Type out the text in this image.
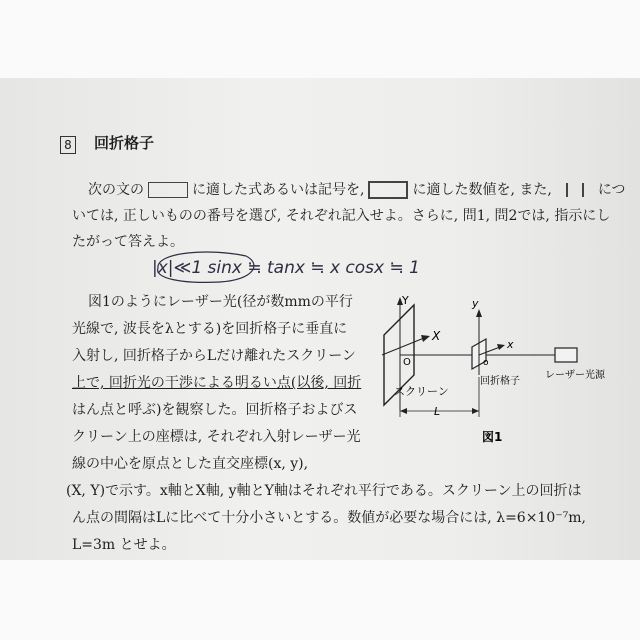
8 回折格子
次の文の	に適した式あるいは記号を,	に適した数値を, また,	につ
いては, 正しいものの番号を選び, それぞれ記入せよ。さらに, 問1, 問2では, 指示にし
たがって答えよ。
|x|≪1 sinx ≒ tanx ≒ x cosx ≒ 1
図1のようにレーザー光(径が数mmの平行
光線で, 波長をλとする)を回折格子に垂直に
入射し, 回折格子からLだけ離れたスクリーン
上で, 回折光の干渉による明るい点(以後, 回折
はん点と呼ぶ)を観察した。回折格子およびス
クリーン上の座標は, それぞれ入射レーザー光
線の中心を原点とした直交座標(x, y),
(X, Y)で示す。x軸とX軸, y軸とY軸はそれぞれ平行である。スクリーン上の回折は
ん点の間隔はLに比べて十分小さいとする。数値が必要な場合には, λ=6×10⁻⁷m,
L=3m とせよ。
Y
X
O
y
x
o
スクリーン
回折格子
レーザー光源
L
図1
